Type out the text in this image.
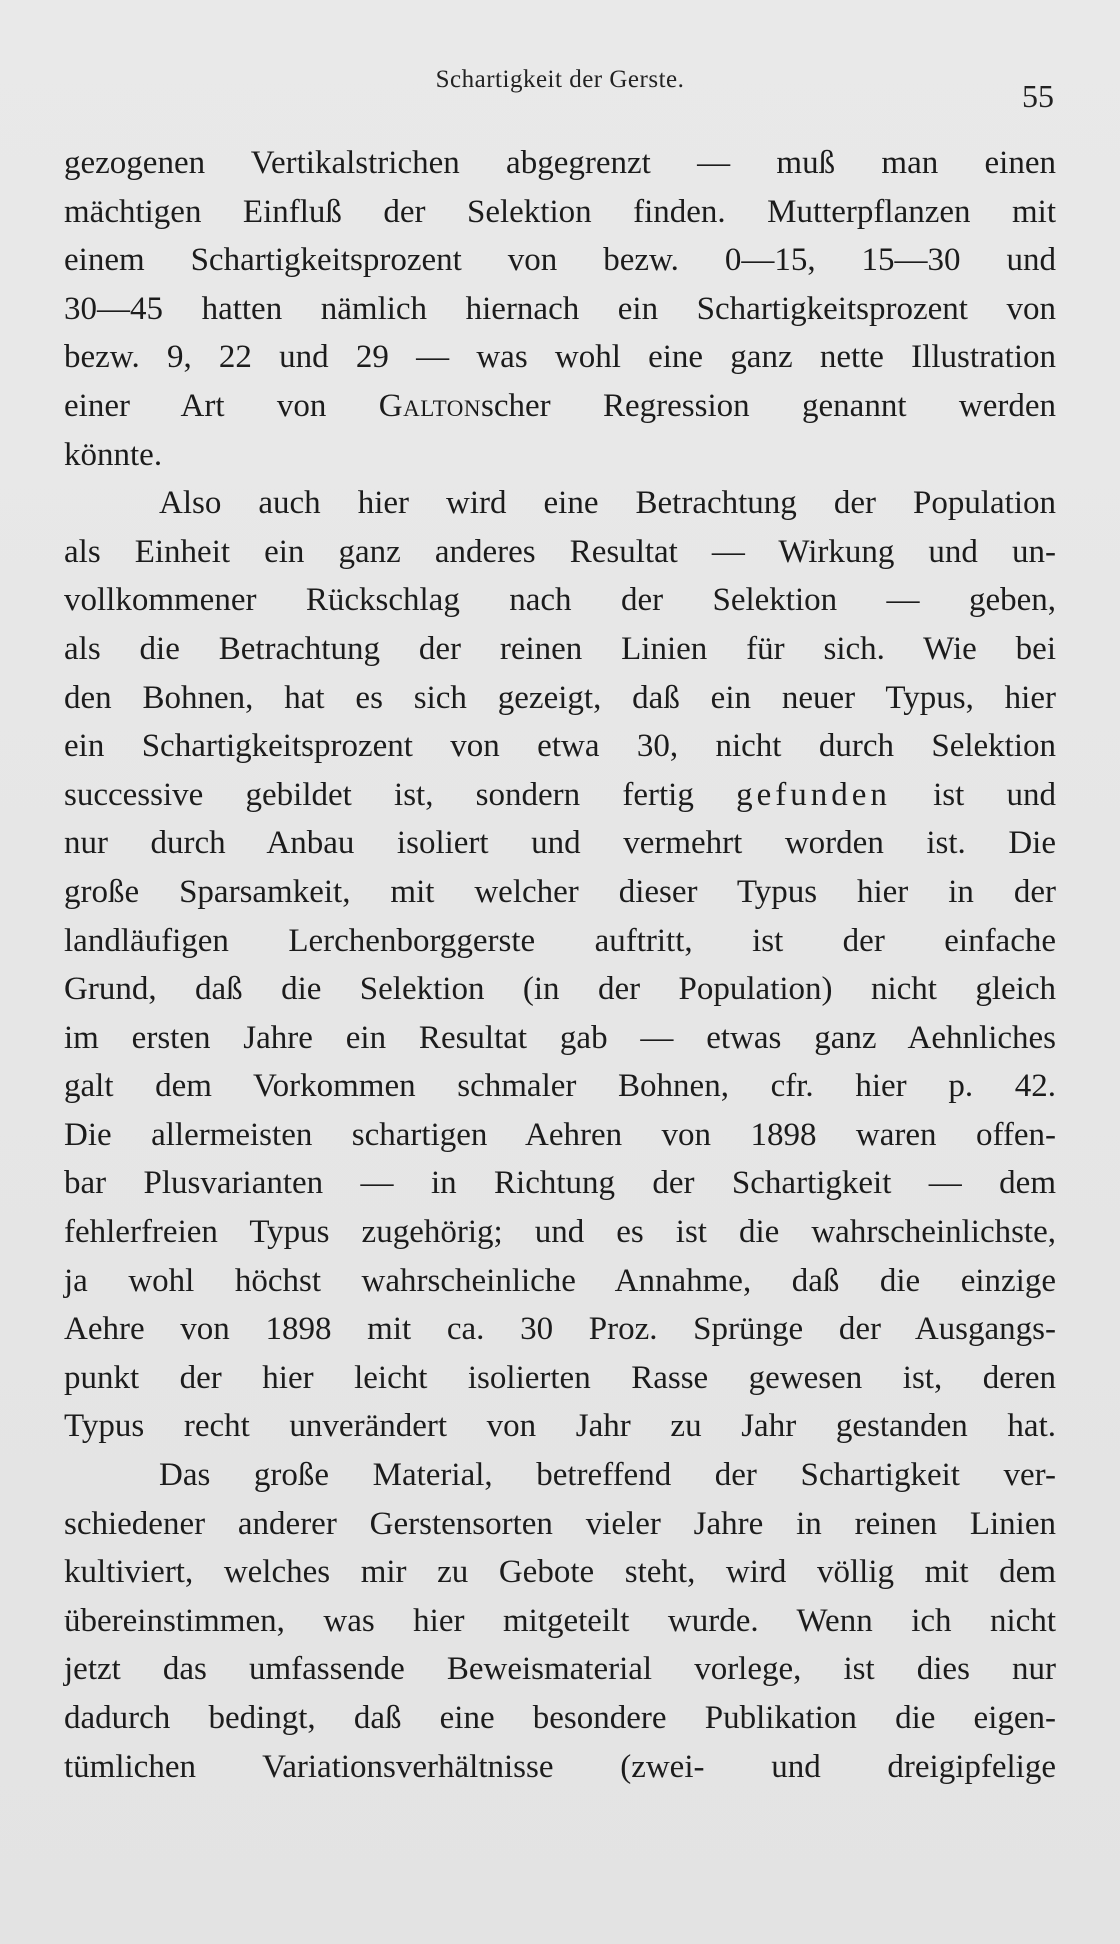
Schartigkeit der Gerste.	55
gezogenen Vertikalstrichen abgegrenzt — muß man einen
mächtigen Einfluß der Selektion finden. Mutterpflanzen mit
einem Schartigkeitsprozent von bezw. 0—15, 15—30 und
30—45 hatten nämlich hiernach ein Schartigkeitsprozent von
bezw. 9, 22 und 29 — was wohl eine ganz nette Illustration
einer Art von Galtonscher Regression genannt werden
könnte.
Also auch hier wird eine Betrachtung der Population
als Einheit ein ganz anderes Resultat — Wirkung und un-
vollkommener Rückschlag nach der Selektion — geben,
als die Betrachtung der reinen Linien für sich. Wie bei
den Bohnen, hat es sich gezeigt, daß ein neuer Typus, hier
ein Schartigkeitsprozent von etwa 30, nicht durch Selektion
successive gebildet ist, sondern fertig gefunden ist und
nur durch Anbau isoliert und vermehrt worden ist. Die
große Sparsamkeit, mit welcher dieser Typus hier in der
landläufigen Lerchenborggerste auftritt, ist der einfache
Grund, daß die Selektion (in der Population) nicht gleich
im ersten Jahre ein Resultat gab — etwas ganz Aehnliches
galt dem Vorkommen schmaler Bohnen, cfr. hier p. 42.
Die allermeisten schartigen Aehren von 1898 waren offen-
bar Plusvarianten — in Richtung der Schartigkeit — dem
fehlerfreien Typus zugehörig; und es ist die wahrscheinlichste,
ja wohl höchst wahrscheinliche Annahme, daß die einzige
Aehre von 1898 mit ca. 30 Proz. Sprünge der Ausgangs-
punkt der hier leicht isolierten Rasse gewesen ist, deren
Typus recht unverändert von Jahr zu Jahr gestanden hat.
Das große Material, betreffend der Schartigkeit ver-
schiedener anderer Gerstensorten vieler Jahre in reinen Linien
kultiviert, welches mir zu Gebote steht, wird völlig mit dem
übereinstimmen, was hier mitgeteilt wurde. Wenn ich nicht
jetzt das umfassende Beweismaterial vorlege, ist dies nur
dadurch bedingt, daß eine besondere Publikation die eigen-
tümlichen Variationsverhältnisse (zwei- und dreigipfelige
